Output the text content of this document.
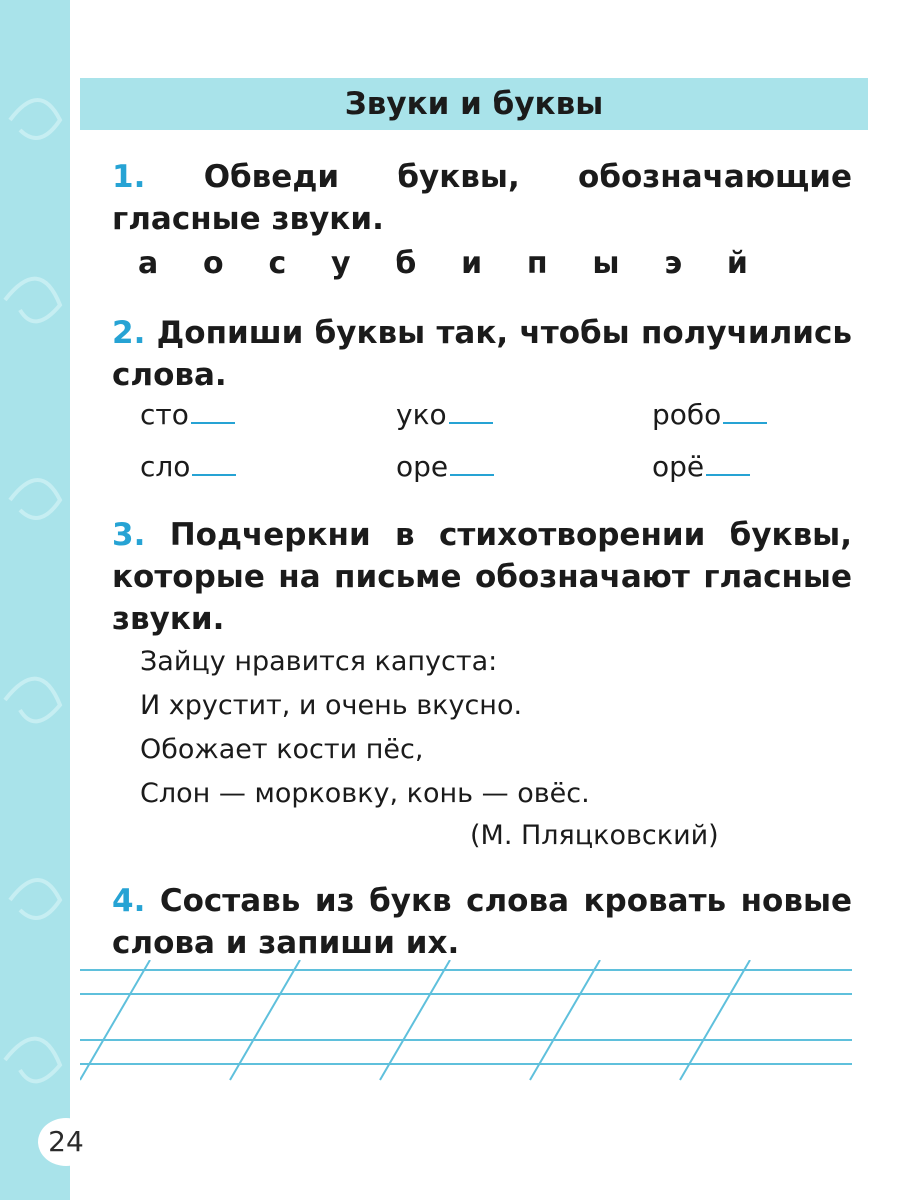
24
Звуки и буквы
1. Обведи буквы, обозначающие гласные звуки.
а о с у б и п ы э й
2. Допиши буквы так, чтобы получились слова.
сто	уко	робо
сло	оре	орё
3. Подчеркни в стихотворении буквы, которые на письме обозначают гласные звуки.
Зайцу нравится капуста:
И хрустит, и очень вкусно.
Обожает кости пёс,
Слон — морковку, конь — овёс.
(М. Пляцковский)
4. Составь из букв слова кровать новые слова и запиши их.
